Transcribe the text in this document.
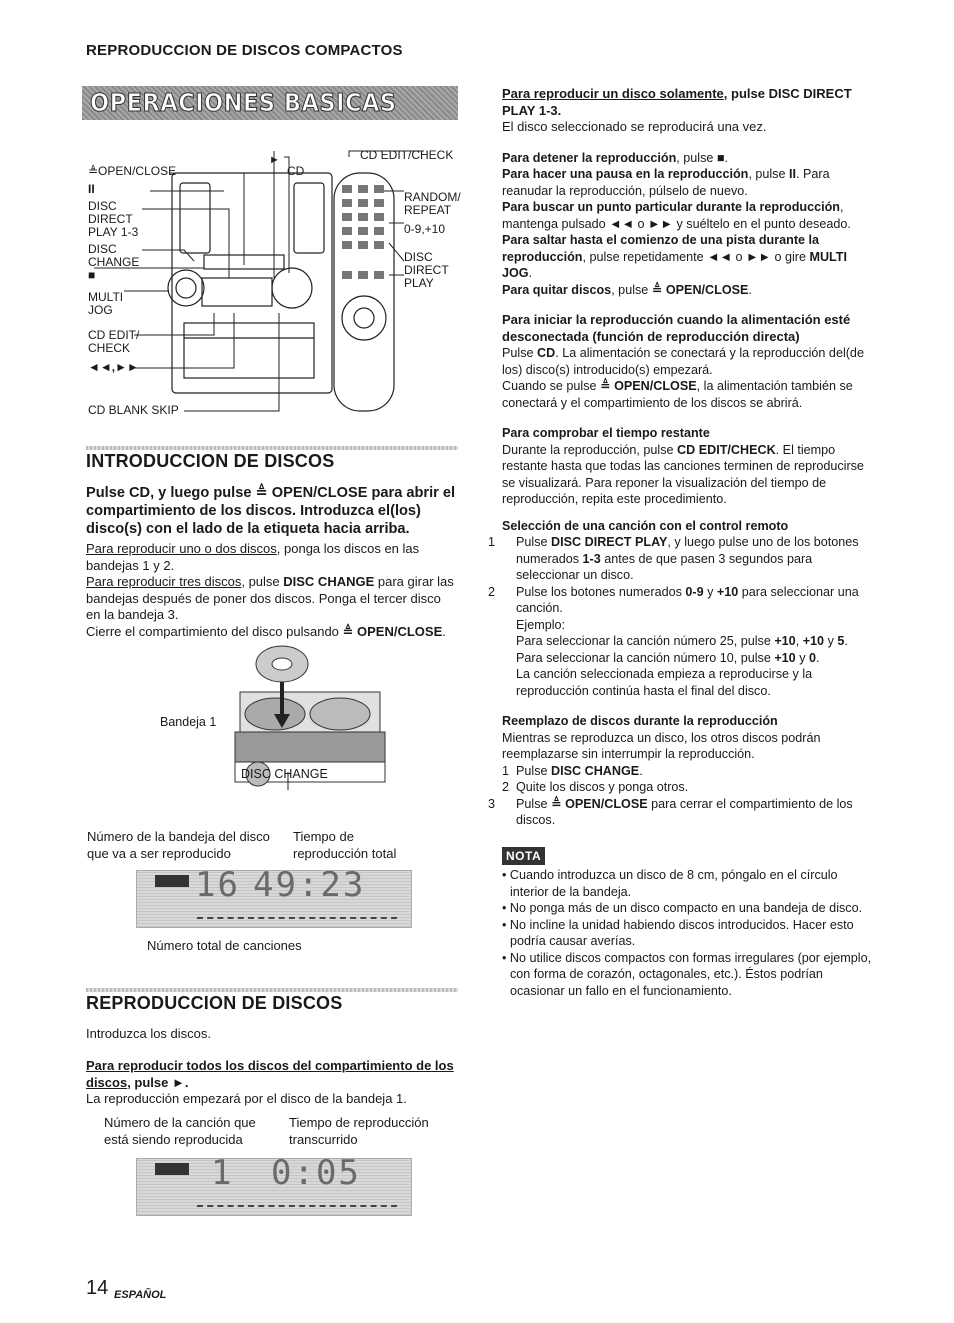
REPRODUCCION DE DISCOS COMPACTOS
OPERACIONES BASICAS
►
≜OPEN/CLOSE	CD
II
DISC DIRECT PLAY 1-3
DISC CHANGE
■
MULTI JOG
CD EDIT/ CHECK
◄◄,►►
CD BLANK SKIP
CD EDIT/CHECK
RANDOM/ REPEAT
0-9,+10
DISC DIRECT PLAY
INTRODUCCION DE DISCOS
Pulse CD, y luego pulse ≜ OPEN/CLOSE para abrir el compartimiento de los discos. Introduzca el(los) disco(s) con el lado de la etiqueta hacia arriba.

Para reproducir uno o dos discos, ponga los discos en las bandejas 1 y 2.

Para reproducir tres discos, pulse DISC CHANGE para girar las bandejas después de poner dos discos. Ponga el tercer disco en la bandeja 3.

Cierre el compartimiento del disco pulsando ≜ OPEN/CLOSE.

Bandeja 1
DISC CHANGE
Número de la bandeja del disco que va a ser reproducido
Tiempo de reproducción total
16 49:23
Número total de canciones
REPRODUCCION DE DISCOS
Introduzca los discos.
Para reproducir todos los discos del compartimiento de los discos, pulse ►.
La reproducción empezará por el disco de la bandeja 1.
Número de la canción que está siendo reproducida
Tiempo de reproducción transcurrido
1 0:05
14 ESPAÑOL

Para reproducir un disco solamente, pulse DISC DIRECT PLAY 1-3.

El disco seleccionado se reproducirá una vez.

Para detener la reproducción, pulse ■.

Para hacer una pausa en la reproducción, pulse II. Para reanudar la reproducción, púlselo de nuevo.

Para buscar un punto particular durante la reproducción, mantenga pulsado ◄◄ o ►► y suéltelo en el punto deseado.

Para saltar hasta el comienzo de una pista durante la reproducción, pulse repetidamente ◄◄ o ►► o gire MULTI JOG.

Para quitar discos, pulse ≜ OPEN/CLOSE.

Para iniciar la reproducción cuando la alimentación esté desconectada (función de reproducción directa)

Pulse CD. La alimentación se conectará y la reproducción del(de los) disco(s) introducido(s) empezará.

Cuando se pulse ≜ OPEN/CLOSE, la alimentación también se conectará y el compartimiento de los discos se abrirá.

Para comprobar el tiempo restante

Durante la reproducción, pulse CD EDIT/CHECK. El tiempo restante hasta que todas las canciones terminen de reproducirse se visualizará. Para reponer la visualización del tiempo de reproducción, repita este procedimiento.

Selección de una canción con el control remoto

1 Pulse DISC DIRECT PLAY, y luego pulse uno de los botones numerados 1-3 antes de que pasen 3 segundos para seleccionar un disco.

2 Pulse los botones numerados 0-9 y +10 para seleccionar una canción.

Ejemplo:

Para seleccionar la canción número 25, pulse +10, +10 y 5.

Para seleccionar la canción número 10, pulse +10 y 0.

La canción seleccionada empieza a reproducirse y la reproducción continúa hasta el final del disco.

Reemplazo de discos durante la reproducción

Mientras se reproduzca un disco, los otros discos podrán reemplazarse sin interrumpir la reproducción.

1 Pulse DISC CHANGE.

2 Quite los discos y ponga otros.

3 Pulse ≜ OPEN/CLOSE para cerrar el compartimiento de los discos.

NOTA

• Cuando introduzca un disco de 8 cm, póngalo en el círculo interior de la bandeja.

• No ponga más de un disco compacto en una bandeja de disco.

• No incline la unidad habiendo discos introducidos. Hacer esto podría causar averías.

• No utilice discos compactos con formas irregulares (por ejemplo, con forma de corazón, octagonales, etc.). Éstos podrían ocasionar un fallo en el funcionamiento.
